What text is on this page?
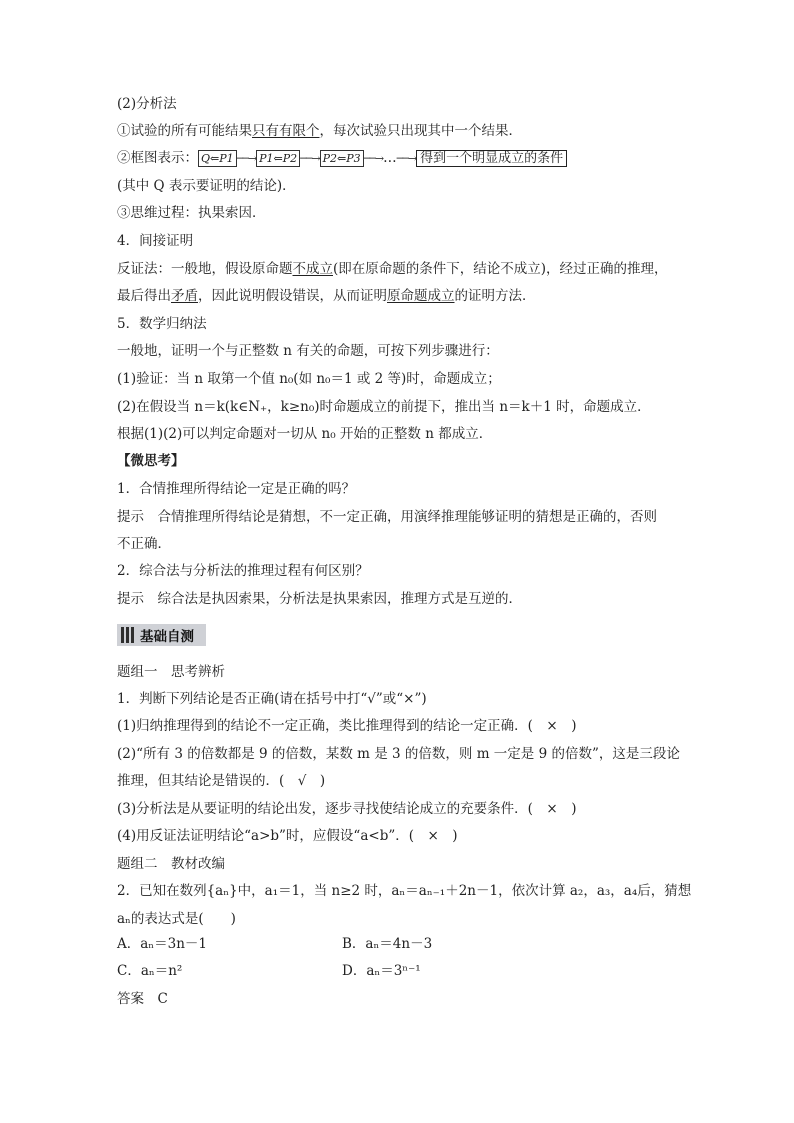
(2)分析法
①试验的所有可能结果只有有限个，每次试验只出现其中一个结果．
②框图表示： Q⇐P1 ──→ P1⇐P2 ──→ P2⇐P3 ──→…──→ 得到一个明显成立的条件
(其中 Q 表示要证明的结论)．
③思维过程：执果索因．
4．间接证明
反证法：一般地，假设原命题不成立(即在原命题的条件下，结论不成立)，经过正确的推理，
最后得出矛盾，因此说明假设错误，从而证明原命题成立的证明方法．
5．数学归纳法
一般地，证明一个与正整数 n 有关的命题，可按下列步骤进行：
(1)验证：当 n 取第一个值 n₀(如 n₀＝1 或 2 等)时，命题成立；
(2)在假设当 n＝k(k∈N₊，k≥n₀)时命题成立的前提下，推出当 n＝k＋1 时，命题成立．
根据(1)(2)可以判定命题对一切从 n₀ 开始的正整数 n 都成立．
【微思考】
1．合情推理所得结论一定是正确的吗？
提示　合情推理所得结论是猜想，不一定正确，用演绎推理能够证明的猜想是正确的，否则
不正确．
2．综合法与分析法的推理过程有何区别？
提示　综合法是执因索果，分析法是执果索因，推理方式是互逆的．
基础自测
题组一　思考辨析
1．判断下列结论是否正确(请在括号中打“√”或“×”)
(1)归纳推理得到的结论不一定正确，类比推理得到的结论一定正确．(　×　)
(2)“所有 3 的倍数都是 9 的倍数，某数 m 是 3 的倍数，则 m 一定是 9 的倍数”，这是三段论
推理，但其结论是错误的．(　√　)
(3)分析法是从要证明的结论出发，逐步寻找使结论成立的充要条件．(　×　)
(4)用反证法证明结论“a>b”时，应假设“a<b”．(　×　)
题组二　教材改编
2．已知在数列{aₙ}中，a₁＝1，当 n≥2 时，aₙ＝aₙ₋₁＋2n－1，依次计算 a₂，a₃，a₄后，猜想
aₙ的表达式是(　　)
A．aₙ＝3n－1	B．aₙ＝4n－3
C．aₙ＝n²	D．aₙ＝3ⁿ⁻¹
答案　C
